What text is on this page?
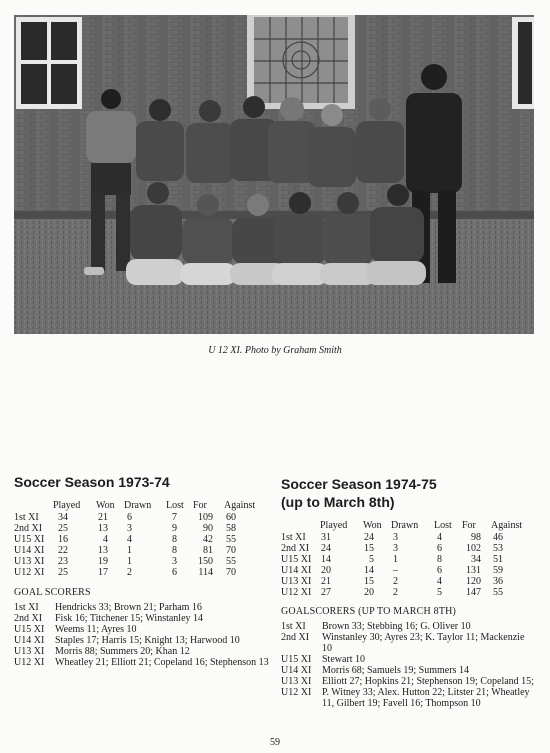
U 12 XI. Photo by Graham Smith
Soccer Season 1973-74
Played Won Drawn Lost For Against
1st XI	34	21	6	7	109	60
2nd XI	25	13	3	9	90	58
U15 XI	16	4	4	8	42	55
U14 XI	22	13	1	8	81	70
U13 XI	23	19	1	3	150	55
U12 XI	25	17	2	6	114	70
GOAL SCORERS
1st XI	Hendricks 33; Brown 21; Parham 16
2nd XI	Fisk 16; Titchener 15; Winstanley 14
U15 XI	Weems 11; Ayres 10
U14 XI	Staples 17; Harris 15; Knight 13; Harwood 10
U13 XI	Morris 88; Summers 20; Khan 12
U12 XI	Wheatley 21; Elliott 21; Copeland 16; Stephenson 13
Soccer Season 1974-75
(up to March 8th)
Played Won Drawn Lost For Against
1st XI	31	24	3	4	98	46
2nd XI	24	15	3	6	102	53
U15 XI 14	5	1	8	34	51
U14 XI 20	14	–	6	131	59
U13 XI 21	15	2	4	120	36
U12 XI 27	20	2	5	147	55
GOALSCORERS (UP TO MARCH 8TH)
1st XI	Brown 33; Stebbing 16; G. Oliver 10
2nd XI	Winstanley 30; Ayres 23; K. Taylor 11; Mackenzie 10
U15 XI	Stewart 10
U14 XI	Morris 68; Samuels 19; Summers 14
U13 XI	Elliott 27; Hopkins 21; Stephenson 19; Copeland 15;
U12 XI	P. Witney 33; Alex. Hutton 22; Litster 21; Wheatley 11, Gilbert 19; Favell 16; Thompson 10
59
